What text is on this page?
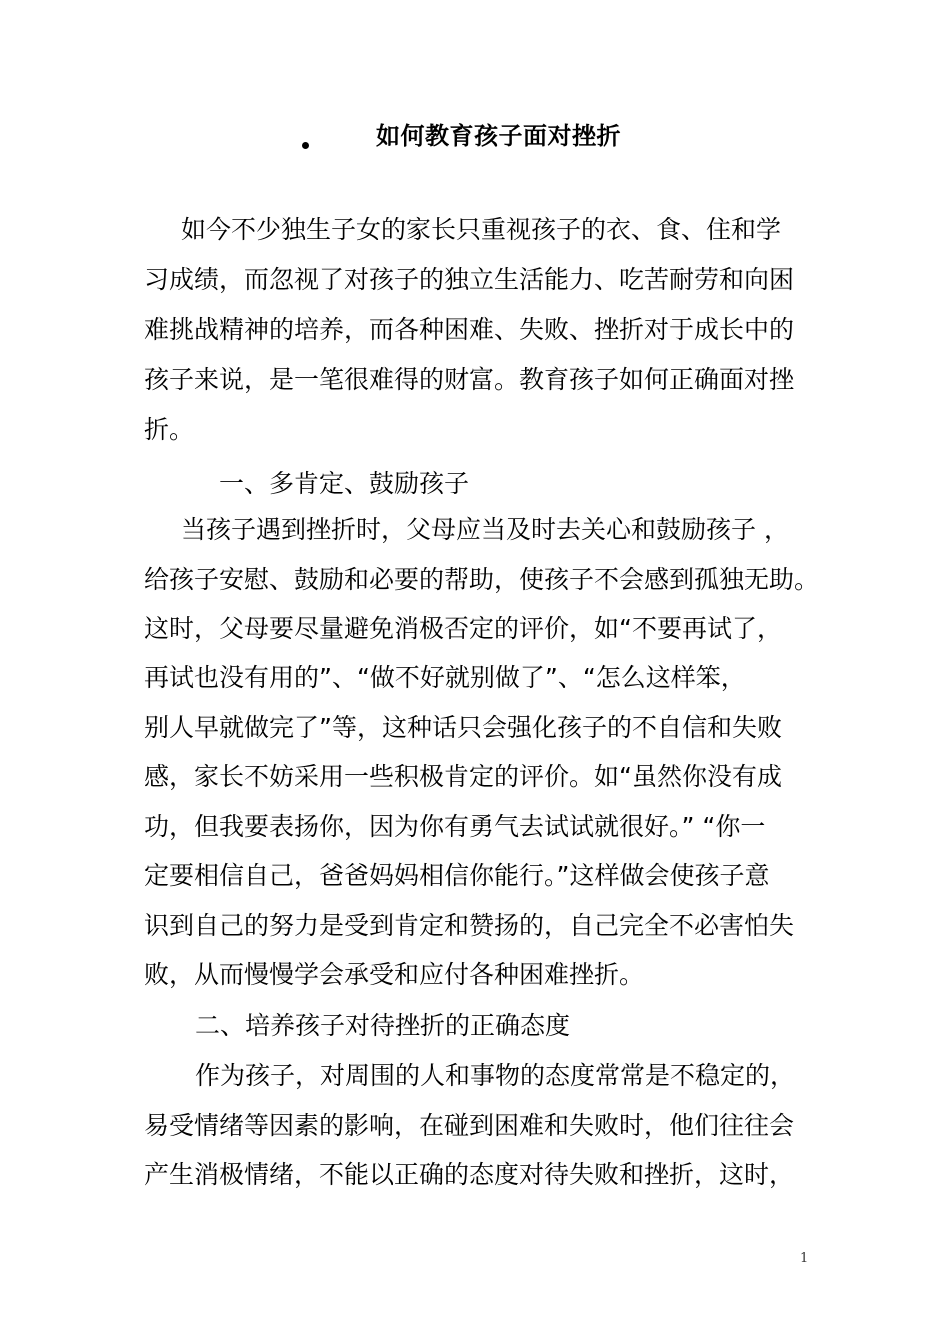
如何教育孩子面对挫折
如今不少独生子女的家长只重视孩子的衣、食、住和学
习成绩，而忽视了对孩子的独立生活能力、吃苦耐劳和向困
难挑战精神的培养，而各种困难、失败、挫折对于成长中的
孩子来说，是一笔很难得的财富。教育孩子如何正确面对挫
折。
一、多肯定、鼓励孩子
当孩子遇到挫折时，父母应当及时去关心和鼓励孩子 ，
给孩子安慰、鼓励和必要的帮助，使孩子不会感到孤独无助。
这时，父母要尽量避免消极否定的评价，如“不要再试了，
再试也没有用的”、“做不好就别做了”、“怎么这样笨，
别人早就做完了”等，这种话只会强化孩子的不自信和失败
感，家长不妨采用一些积极肯定的评价。如“虽然你没有成
功，但我要表扬你，因为你有勇气去试试就很好。” “你一
定要相信自己，爸爸妈妈相信你能行。”这样做会使孩子意
识到自己的努力是受到肯定和赞扬的，自己完全不必害怕失
败，从而慢慢学会承受和应付各种困难挫折。
二、培养孩子对待挫折的正确态度
作为孩子，对周围的人和事物的态度常常是不稳定的，
易受情绪等因素的影响，在碰到困难和失败时，他们往往会
产生消极情绪，不能以正确的态度对待失败和挫折，这时，
1
